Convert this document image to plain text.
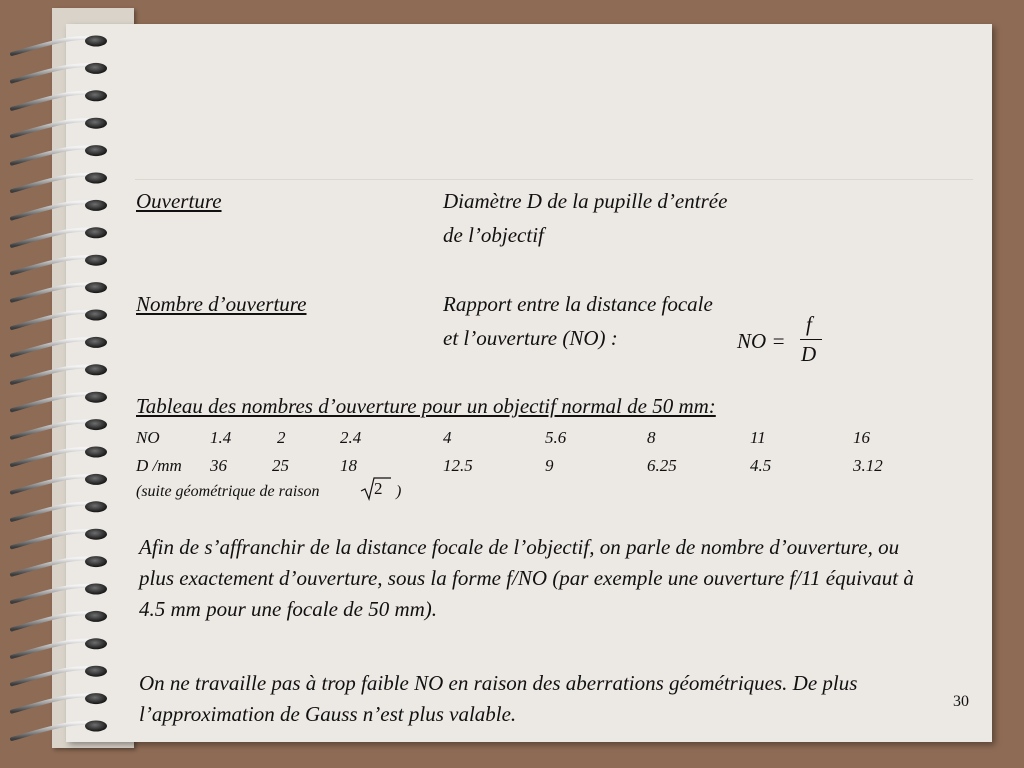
Ouverture	Diamètre D de la pupille d’entrée
de l’objectif
Nombre d’ouverture	Rapport entre la distance focale
et l’ouverture (NO) :	NO =
f
D
Tableau des nombres d’ouverture pour un objectif normal de 50 mm:
NO	1.4	2	2.4	4	5.6	8	11	16
D /mm 36	25	18	12.5	9	6.25	4.5	3.12
(suite géométrique de raison	2 )
Afin de s’affranchir de la distance focale de l’objectif, on parle de nombre d’ouverture, ou plus exactement d’ouverture, sous la forme f/NO (par exemple une ouverture f/11 équivaut à 4.5 mm pour une focale de 50 mm).
On ne travaille pas à trop faible NO en raison des aberrations géométriques. De plus l’approximation de Gauss n’est plus valable.
30
